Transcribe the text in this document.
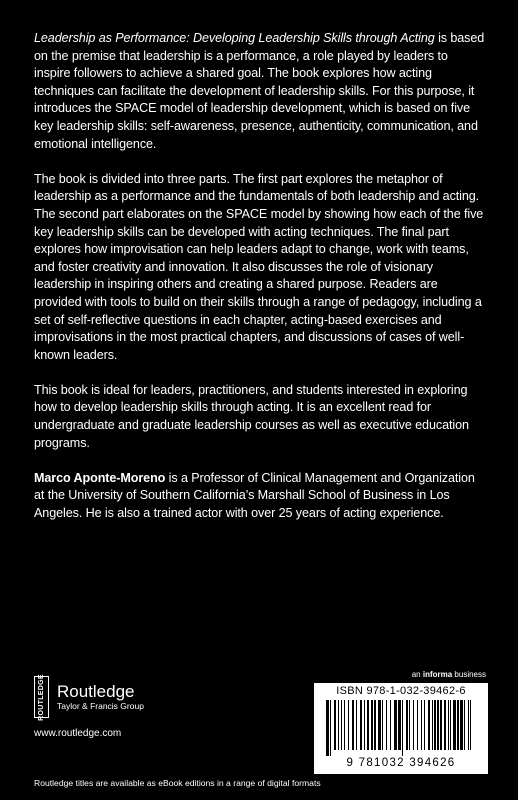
Leadership as Performance: Developing Leadership Skills through Acting is based on the premise that leadership is a performance, a role played by leaders to inspire followers to achieve a shared goal. The book explores how acting techniques can facilitate the development of leadership skills. For this purpose, it introduces the SPACE model of leadership development, which is based on five key leadership skills: self-awareness, presence, authenticity, communication, and emotional intelligence.

The book is divided into three parts. The first part explores the metaphor of leadership as a performance and the fundamentals of both leadership and acting. The second part elaborates on the SPACE model by showing how each of the five key leadership skills can be developed with acting techniques. The final part explores how improvisation can help leaders adapt to change, work with teams, and foster creativity and innovation. It also discusses the role of visionary leadership in inspiring others and creating a shared purpose. Readers are provided with tools to build on their skills through a range of pedagogy, including a set of self-reflective questions in each chapter, acting-based exercises and improvisations in the most practical chapters, and discussions of cases of well-known leaders.

This book is ideal for leaders, practitioners, and students interested in exploring how to develop leadership skills through acting. It is an excellent read for undergraduate and graduate leadership courses as well as executive education programs.

Marco Aponte-Moreno is a Professor of Clinical Management and Organization at the University of Southern California’s Marshall School of Business in Los Angeles. He is also a trained actor with over 25 years of acting experience.

ROUTLEDGE Routledge
Taylor & Francis Group
www.routledge.com
an informa business
ISBN 978-1-032-39462-6
9 781032 394626
Routledge titles are available as eBook editions in a range of digital formats
